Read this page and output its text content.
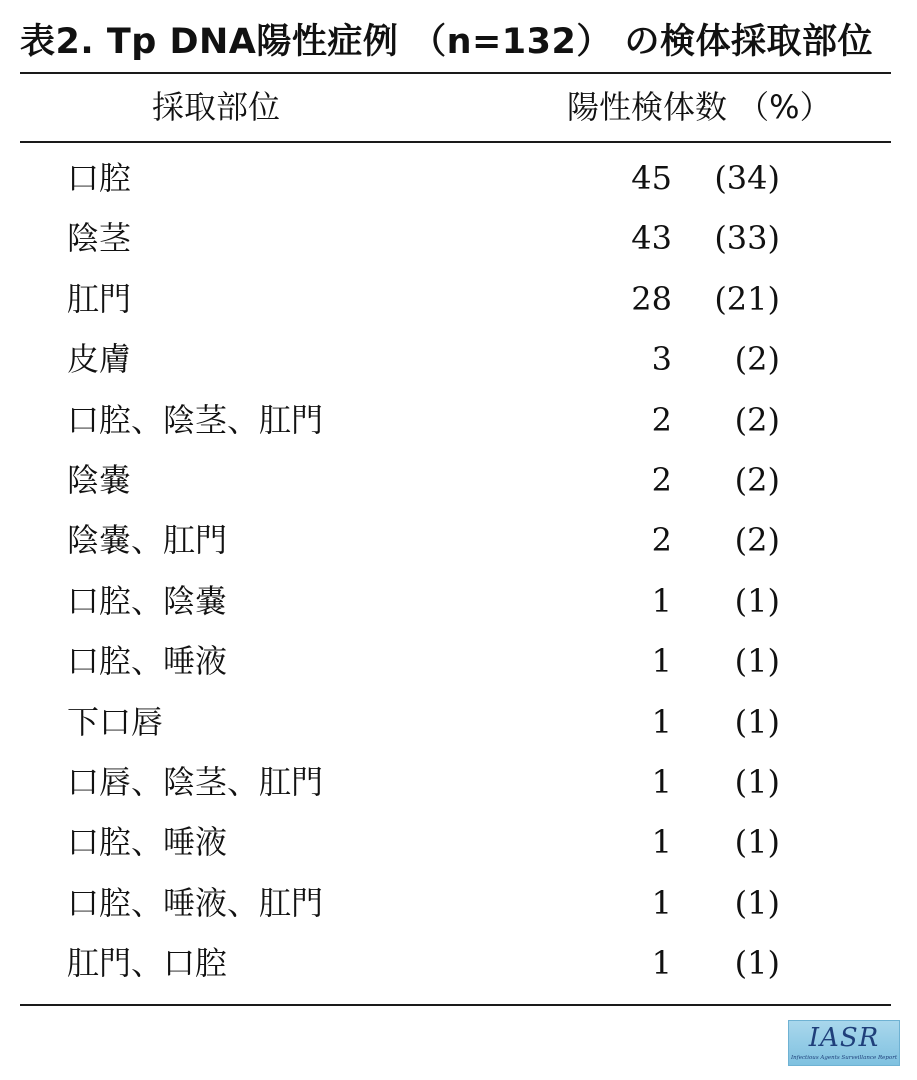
表2. Tp DNA陽性症例 （n=132） の検体採取部位
採取部位	陽性検体数 （%）
口腔	45	(34)
陰茎	43	(33)
肛門	28	(21)
皮膚	3	(2)
口腔、陰茎、肛門	2	(2)
陰嚢	2	(2)
陰嚢、肛門	2	(2)
口腔、陰嚢	1	(1)
口腔、唾液	1	(1)
下口唇	1	(1)
口唇、陰茎、肛門	1	(1)
口腔、唾液	1	(1)
口腔、唾液、肛門	1	(1)
肛門、口腔	1	(1)
IASR
Infectious Agents Surveillance Report
